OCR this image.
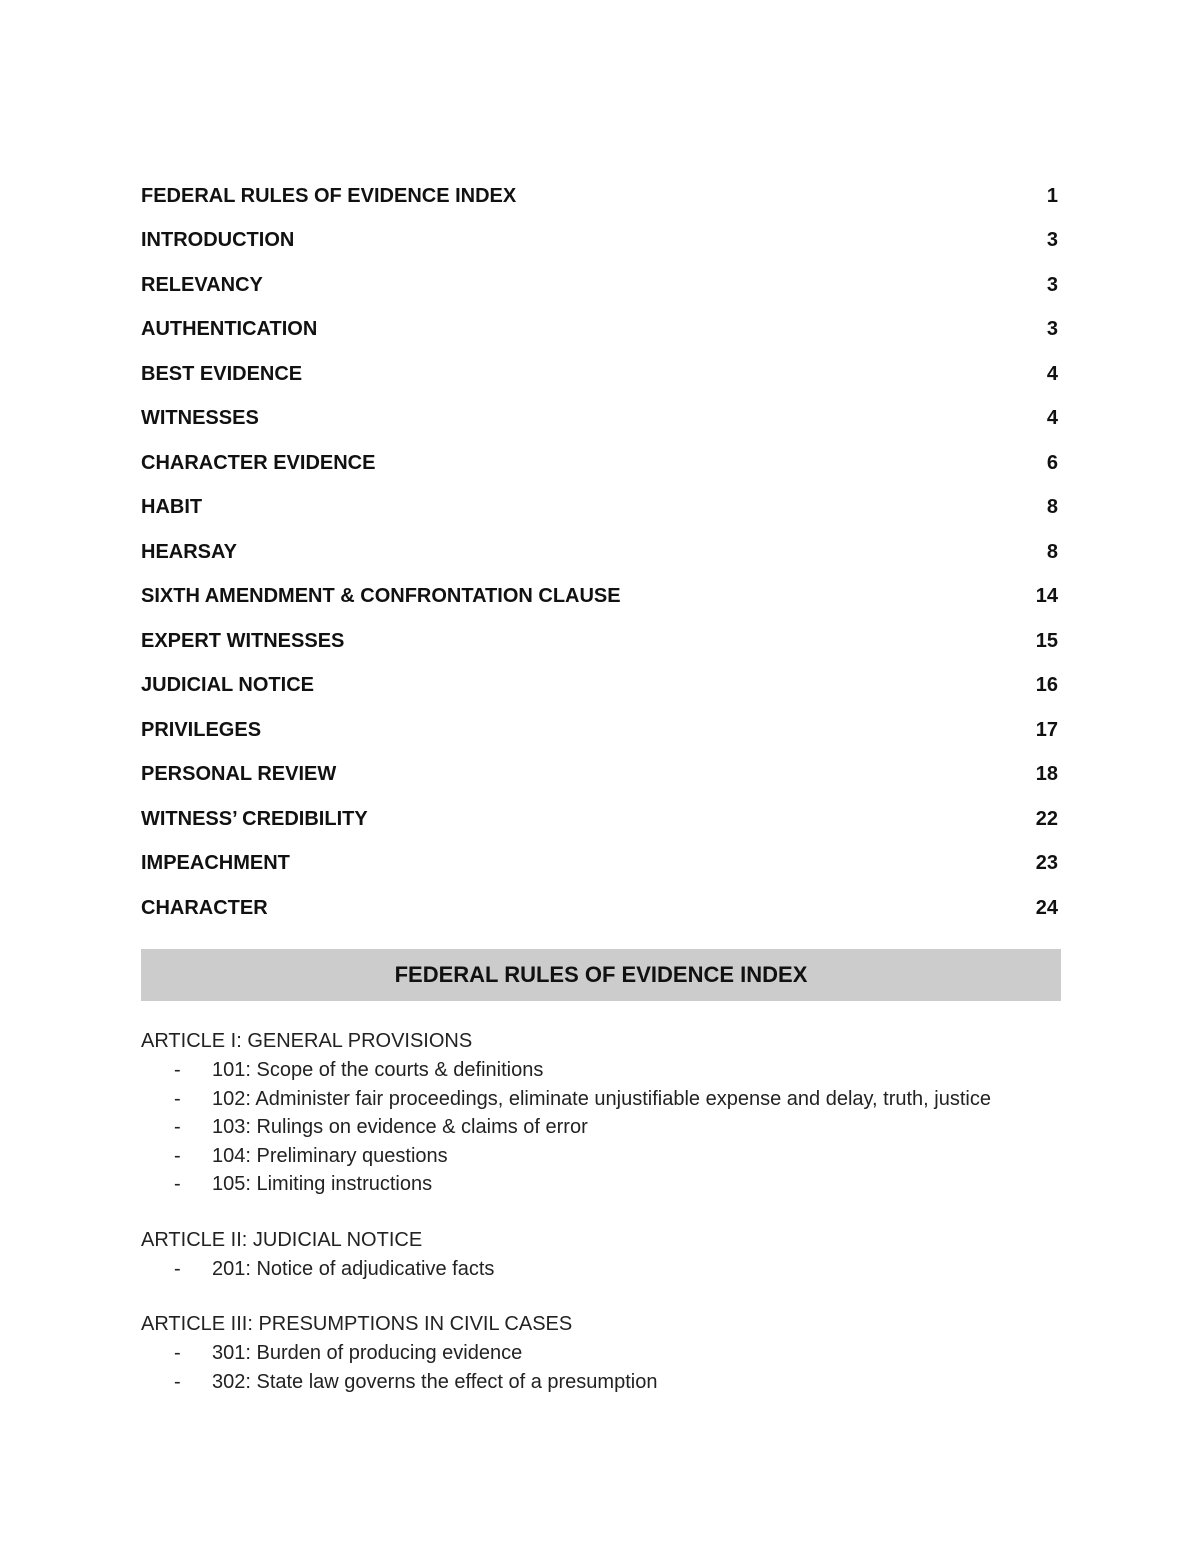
FEDERAL RULES OF EVIDENCE INDEX	1
INTRODUCTION	3
RELEVANCY	3
AUTHENTICATION	3
BEST EVIDENCE	4
WITNESSES	4
CHARACTER EVIDENCE	6
HABIT	8
HEARSAY	8
SIXTH AMENDMENT & CONFRONTATION CLAUSE	14
EXPERT WITNESSES	15
JUDICIAL NOTICE	16
PRIVILEGES	17
PERSONAL REVIEW	18
WITNESS’ CREDIBILITY	22
IMPEACHMENT	23
CHARACTER	24
FEDERAL RULES OF EVIDENCE INDEX
ARTICLE I: GENERAL PROVISIONS
- 101: Scope of the courts & definitions
- 102: Administer fair proceedings, eliminate unjustifiable expense and delay, truth, justice
- 103: Rulings on evidence & claims of error
- 104: Preliminary questions
- 105: Limiting instructions
ARTICLE II: JUDICIAL NOTICE
- 201: Notice of adjudicative facts
ARTICLE III: PRESUMPTIONS IN CIVIL CASES
- 301: Burden of producing evidence
- 302: State law governs the effect of a presumption
